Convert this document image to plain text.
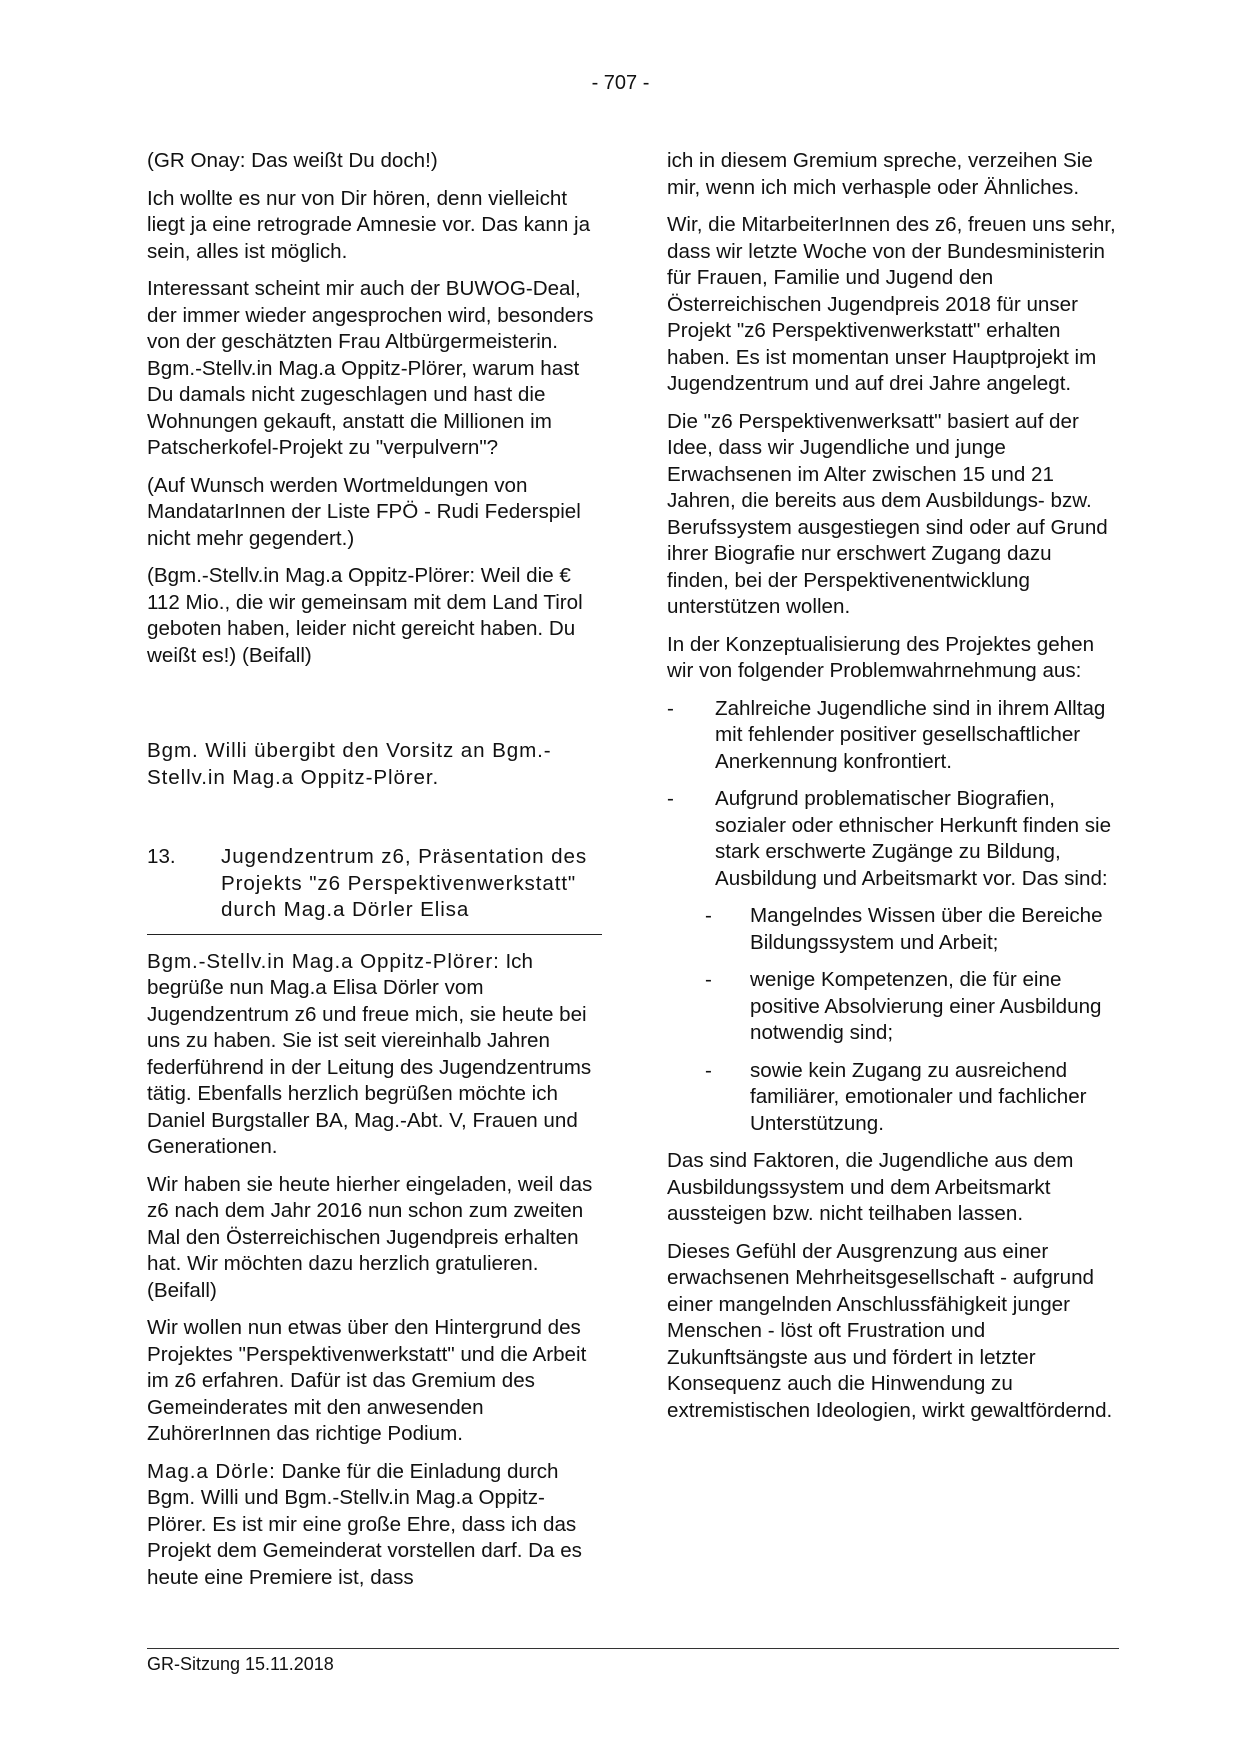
- 707 -

(GR Onay: Das weißt Du doch!)

Ich wollte es nur von Dir hören, denn vielleicht liegt ja eine retrograde Amnesie vor. Das kann ja sein, alles ist möglich.

Interessant scheint mir auch der BUWOG-Deal, der immer wieder angesprochen wird, besonders von der geschätzten Frau Altbürgermeisterin. Bgm.-Stellv.in Mag.a Oppitz-Plörer, warum hast Du damals nicht zugeschlagen und hast die Wohnungen gekauft, anstatt die Millionen im Patscherkofel-Projekt zu "verpulvern"?

(Auf Wunsch werden Wortmeldungen von MandatarInnen der Liste FPÖ - Rudi Federspiel nicht mehr gegendert.)

(Bgm.-Stellv.in Mag.a Oppitz-Plörer: Weil die € 112 Mio., die wir gemeinsam mit dem Land Tirol geboten haben, leider nicht gereicht haben. Du weißt es!) (Beifall)

Bgm. Willi übergibt den Vorsitz an Bgm.-Stellv.in Mag.a Oppitz-Plörer.

13.	Jugendzentrum z6, Präsentation des Projekts "z6 Perspektivenwerkstatt" durch Mag.a Dörler Elisa

Bgm.-Stellv.in Mag.a Oppitz-Plörer: Ich begrüße nun Mag.a Elisa Dörler vom Jugendzentrum z6 und freue mich, sie heute bei uns zu haben. Sie ist seit viereinhalb Jahren federführend in der Leitung des Jugendzentrums tätig. Ebenfalls herzlich begrüßen möchte ich Daniel Burgstaller BA, Mag.-Abt. V, Frauen und Generationen.

Wir haben sie heute hierher eingeladen, weil das z6 nach dem Jahr 2016 nun schon zum zweiten Mal den Österreichischen Jugendpreis erhalten hat. Wir möchten dazu herzlich gratulieren. (Beifall)

Wir wollen nun etwas über den Hintergrund des Projektes "Perspektivenwerkstatt" und die Arbeit im z6 erfahren. Dafür ist das Gremium des Gemeinderates mit den anwesenden ZuhörerInnen das richtige Podium.

Mag.a Dörle: Danke für die Einladung durch Bgm. Willi und Bgm.-Stellv.in Mag.a Oppitz-Plörer. Es ist mir eine große Ehre, dass ich das Projekt dem Gemeinderat vorstellen darf. Da es heute eine Premiere ist, dass

ich in diesem Gremium spreche, verzeihen Sie mir, wenn ich mich verhasple oder Ähnliches.

Wir, die MitarbeiterInnen des z6, freuen uns sehr, dass wir letzte Woche von der Bundesministerin für Frauen, Familie und Jugend den Österreichischen Jugendpreis 2018 für unser Projekt "z6 Perspektivenwerkstatt" erhalten haben. Es ist momentan unser Hauptprojekt im Jugendzentrum und auf drei Jahre angelegt.

Die "z6 Perspektivenwerksatt" basiert auf der Idee, dass wir Jugendliche und junge Erwachsenen im Alter zwischen 15 und 21 Jahren, die bereits aus dem Ausbildungs- bzw. Berufssystem ausgestiegen sind oder auf Grund ihrer Biografie nur erschwert Zugang dazu finden, bei der Perspektivenentwicklung unterstützen wollen.

In der Konzeptualisierung des Projektes gehen wir von folgender Problemwahrnehmung aus:

-	Zahlreiche Jugendliche sind in ihrem Alltag mit fehlender positiver gesellschaftlicher Anerkennung konfrontiert.
-	Aufgrund problematischer Biografien, sozialer oder ethnischer Herkunft finden sie stark erschwerte Zugänge zu Bildung, Ausbildung und Arbeitsmarkt vor. Das sind:
-	Mangelndes Wissen über die Bereiche Bildungssystem und Arbeit;
-	wenige Kompetenzen, die für eine positive Absolvierung einer Ausbildung notwendig sind;
-	sowie kein Zugang zu ausreichend familiärer, emotionaler und fachlicher Unterstützung.

Das sind Faktoren, die Jugendliche aus dem Ausbildungssystem und dem Arbeitsmarkt aussteigen bzw. nicht teilhaben lassen.

Dieses Gefühl der Ausgrenzung aus einer erwachsenen Mehrheitsgesellschaft - aufgrund einer mangelnden Anschlussfähigkeit junger Menschen - löst oft Frustration und Zukunftsängste aus und fördert in letzter Konsequenz auch die Hinwendung zu extremistischen Ideologien, wirkt gewaltfördernd.

GR-Sitzung 15.11.2018
